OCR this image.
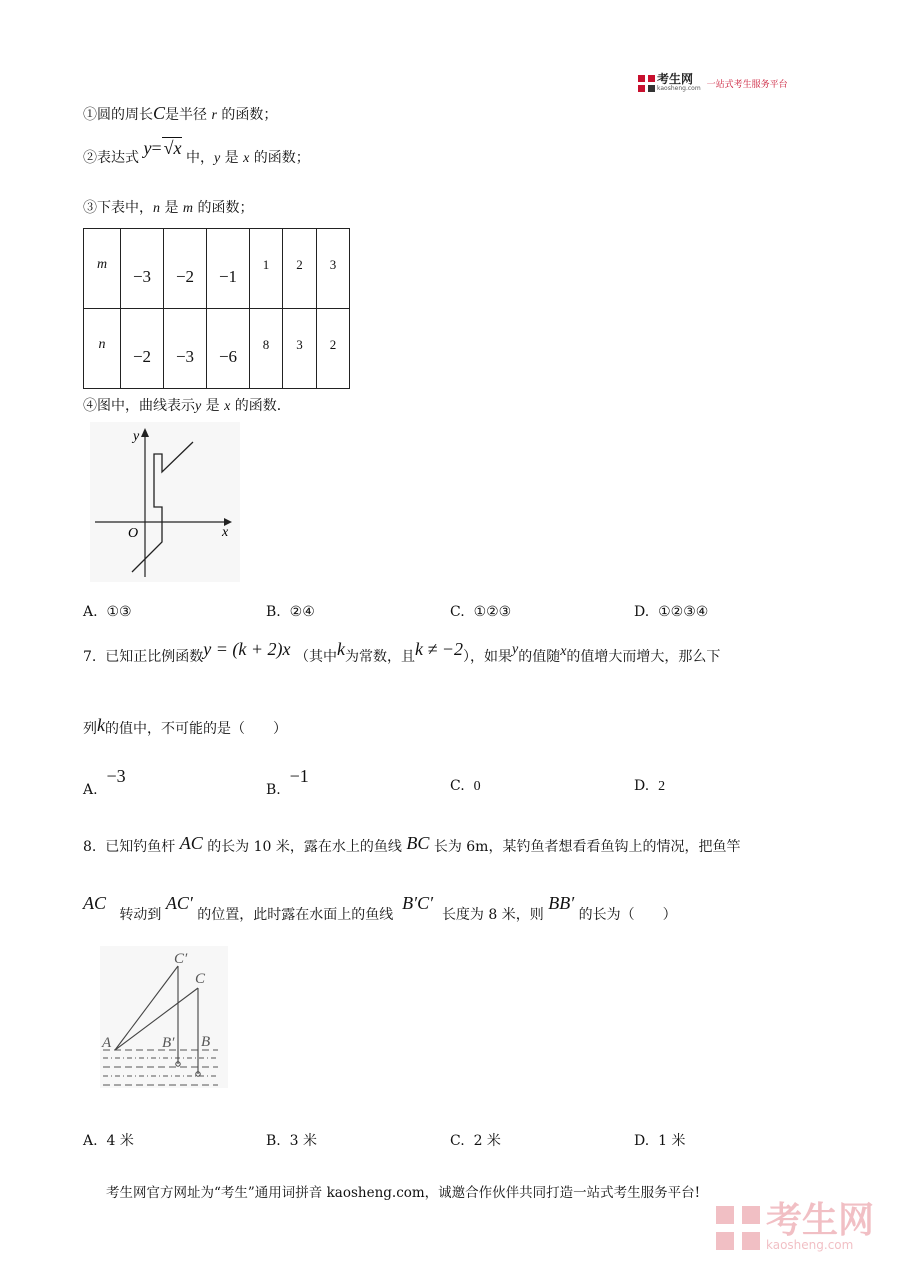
考生网
kaosheng.com 一站式考生服务平台
①圆的周长C是半径 r 的函数；
②表达式 y= √x 中，y 是 x 的函数；
③下表中，n 是 m 的函数；
m	−3	−2	−1	1	2	3
n	−2	−3	−6	8	3	2
④图中，曲线表示y 是 x 的函数．
y
x
O
A. ①③	B. ②④	C. ①②③	D. ①②③④
7. 已知正比例函数y = (k + 2)x （其中k为常数，且k ≠ −2），如果y的值随x的值增大而增大，那么下
列k的值中，不可能的是（　　）
A.  −3
B.  −1	C. 0	D. 2
8. 已知钓鱼杆 AC 的长为 10 米，露在水上的鱼线 BC 长为 6m，某钓鱼者想看看鱼钩上的情况，把鱼竿
AC   转动到 AC′ 的位置，此时露在水面上的鱼线  B′C′  长度为 8 米，则 BB′ 的长为（　　）
C′
C
A	B′ B
A. 4 米	B. 3 米	C. 2 米	D. 1 米
考生网官方网址为“考生”通用词拼音 kaosheng.com，诚邀合作伙伴共同打造一站式考生服务平台!
考生网
kaosheng.com
